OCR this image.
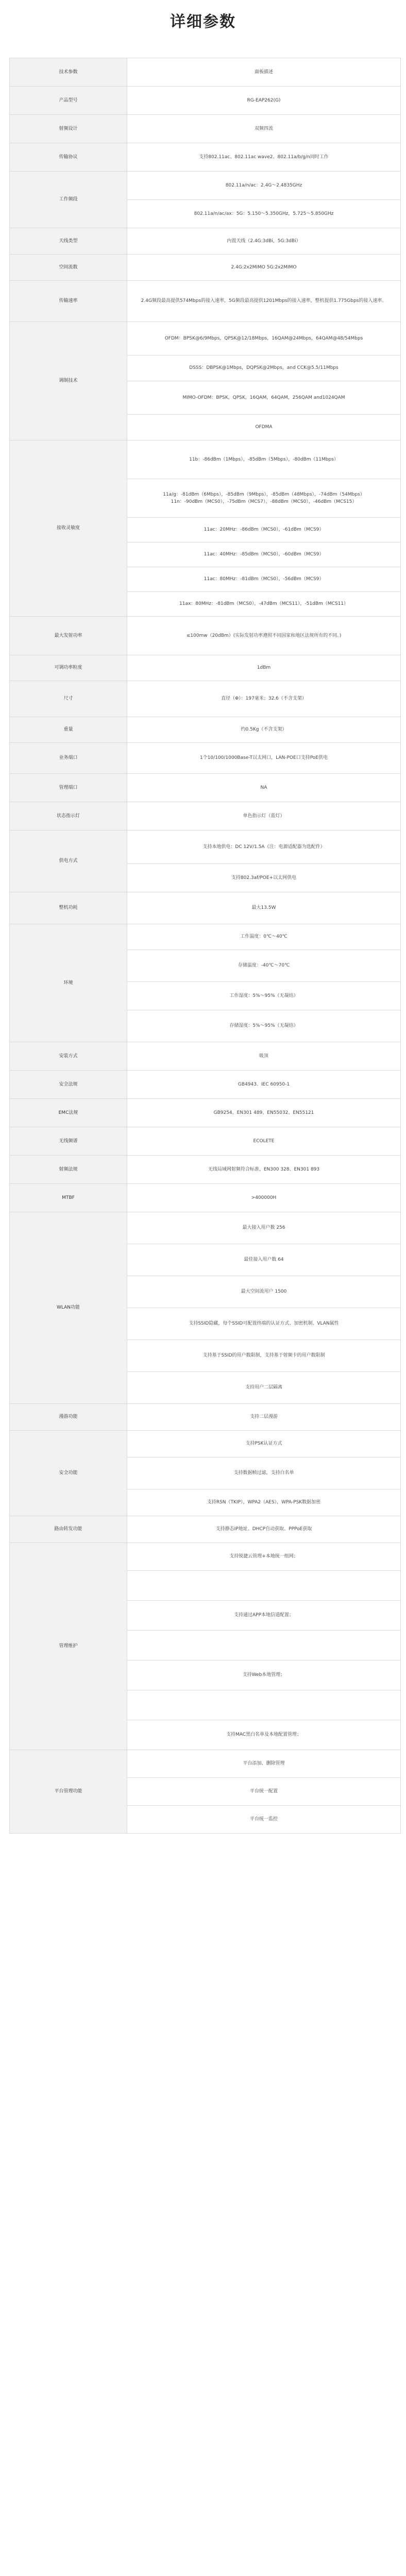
详细参数
技术参数	面板描述
产品型号	RG-EAP262(G)
射频设计	双频四流
传输协议	支持802.11ac、802.11ac wave2、802.11a/b/g/n同时工作
工作频段	802.11a/n/ac：2.4G～2.4835GHz
	802.11a/n/ac/ax：5G：5.150～5.350GHz，5.725～5.850GHz
天线类型	内置天线（2.4G:3dBi，5G:3dBi）
空间流数	2.4G:2x2MIMO 5G:2x2MIMO
传输速率	2.4G频段最高提供574Mbps的接入速率，5G频段最高提供1201Mbps的接入速率，整机提供1.775Gbps的接入速率。
调制技术	OFDM：BPSK@6/9Mbps，QPSK@12/18Mbps，16QAM@24Mbps，64QAM@48/54Mbps
	DSSS：DBPSK@1Mbps，DQPSK@2Mbps，and CCK@5.5/11Mbps
	MIMO-OFDM：BPSK，QPSK，16QAM，64QAM，256QAM and1024QAM
	OFDMA
接收灵敏度	11b：-86dBm（1Mbps），-85dBm（5Mbps），-80dBm（11Mbps）
	11a/g：-81dBm（6Mbps），-85dBm（9Mbps），-85dBm（48Mbps），-74dBm（54Mbps）
11n：-90dBm（MCS0），-75dBm（MCS7），-88dBm（MCS0），-46dBm（MCS15）
	11ac：20MHz：-86dBm（MCS0），-61dBm（MCS9）
	11ac：40MHz：-85dBm（MCS0），-60dBm（MCS9）
	11ac：80MHz：-81dBm（MCS0），-56dBm（MCS9）
	11ax：80MHz：-81dBm（MCS0），-47dBm（MCS11），-51dBm（MCS11）
最大发射功率	≤100mw（20dBm）(实际发射功率遵照不同国家和地区法规所有的不同。)
可调功率粒度	1dBm
尺寸	直径（Φ）：197毫米；32.6（不含支架）
重量	约0.5Kg（不含支架）
业务端口	1个10/100/1000Base-T以太网口，LAN-POE口支持PoE供电
管理端口	NA
状态指示灯	单色指示灯（蓝灯）
供电方式	支持本地供电：DC 12V/1.5A（注：电源适配器为选配件）
	支持802.3af/POE+以太网供电
整机功耗	最大13.5W
环境	工作温度：0℃～40℃
	存储温度：-40℃～70℃
	工作湿度：5%～95%（无凝结）
	存储湿度：5%～95%（无凝结）
安装方式	吸顶
安全法规	GB4943、IEC 60950-1
EMC法规	GB9254、EN301 489、EN55032、EN55121
无线频谱	ECOLETE
射频法规	无线局域网射频符合标准，EN300 328、EN301 893
MTBF	>400000H
WLAN功能	最大接入用户数 256
	最佳接入用户数 64
	最大空间流用户 1500
	支持SSID隐藏，每个SSID可配置终端的认证方式、加密机制、VLAN属性
	支持基于SSID的用户数限制，支持基于射频卡的用户数限制
	支持用户二层隔离
漫游功能	支持二层漫游
安全功能	支持PSK认证方式
	支持数据帧过滤，支持白名单
	支持RSN（TKIP），WPA2（AES），WPA-PSK数据加密
路由转发功能	支持静态IP地址、DHCP自动获取、PPPoE获取
管理维护	支持锐捷云管理+本地统一组网；

	支持通过APP本地信道配置；

	支持Web本地管理；

	支持MAC黑白名单及本地配置管理；
平台管理功能	平台添加、删除管理
	平台统一配置
	平台统一监控
